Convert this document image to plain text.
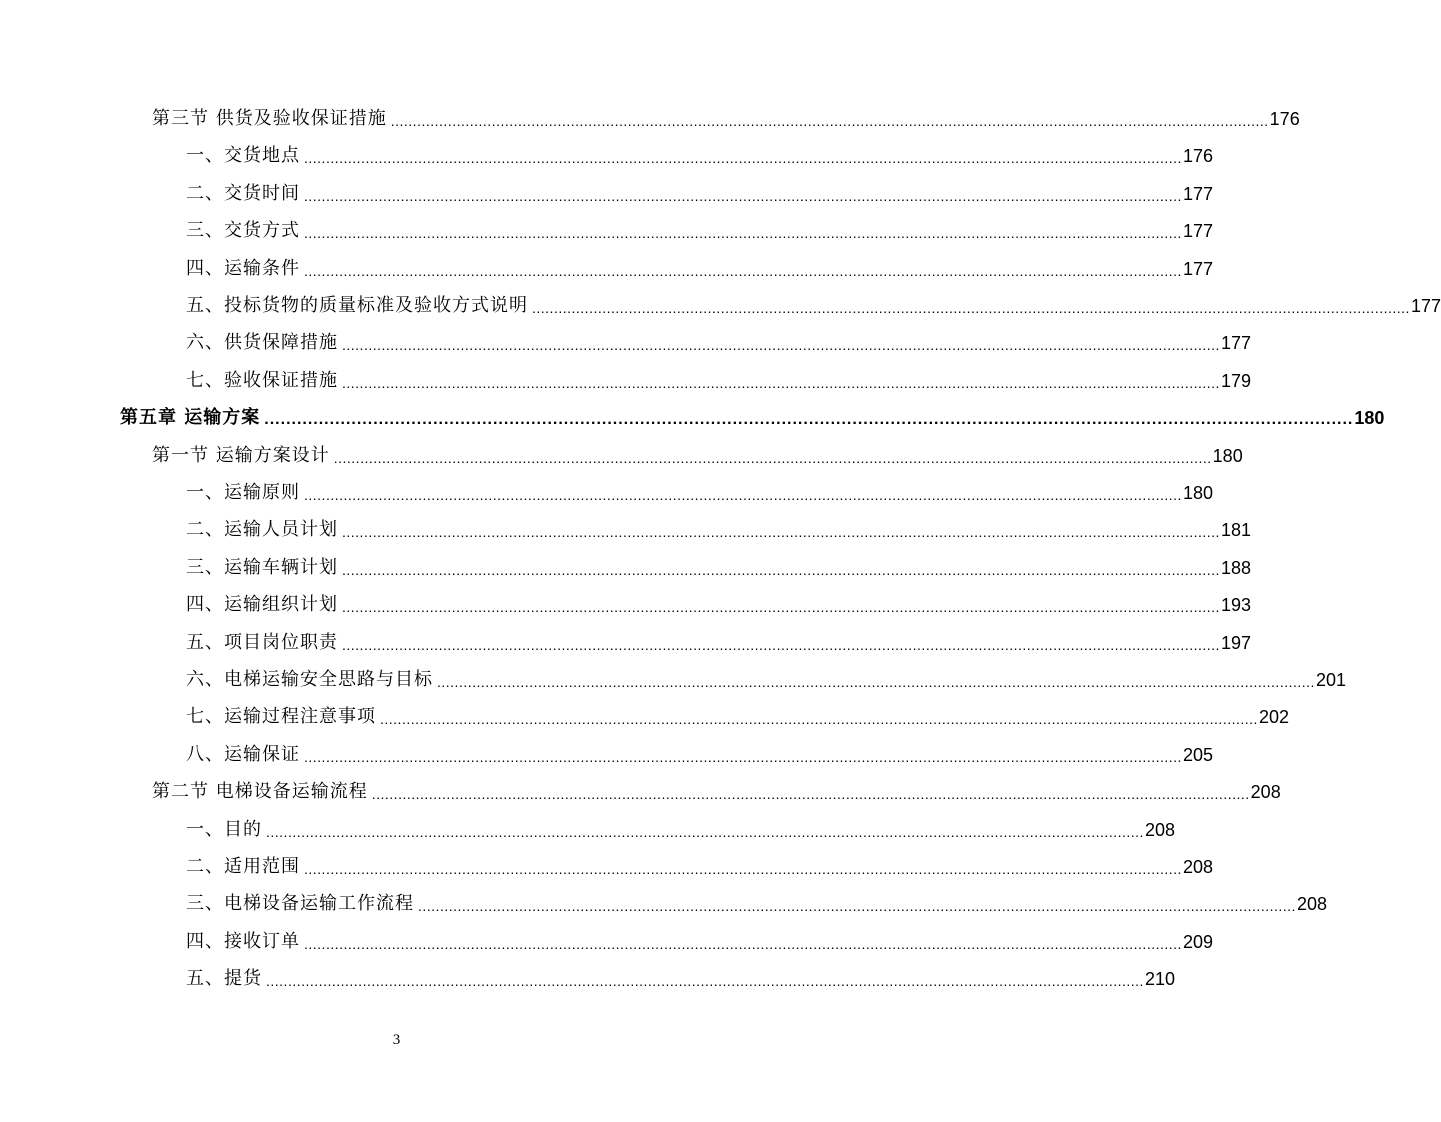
第三节 供货及验收保证措施 ........................................................................................................................................................................................................ 176
一、交货地点 ........................................................................................................................................................................................................ 176
二、交货时间 ........................................................................................................................................................................................................ 177
三、交货方式 ........................................................................................................................................................................................................ 177
四、运输条件 ........................................................................................................................................................................................................ 177
五、投标货物的质量标准及验收方式说明 ........................................................................................................................................................................................................ 177
六、供货保障措施 ........................................................................................................................................................................................................ 177
七、验收保证措施 ........................................................................................................................................................................................................ 179
第五章 运输方案 ........................................................................................................................................................................................................ 180
第一节 运输方案设计 ........................................................................................................................................................................................................ 180
一、运输原则 ........................................................................................................................................................................................................ 180
二、运输人员计划 ........................................................................................................................................................................................................ 181
三、运输车辆计划 ........................................................................................................................................................................................................ 188
四、运输组织计划 ........................................................................................................................................................................................................ 193
五、项目岗位职责 ........................................................................................................................................................................................................ 197
六、电梯运输安全思路与目标 ........................................................................................................................................................................................................ 201
七、运输过程注意事项 ........................................................................................................................................................................................................ 202
八、运输保证 ........................................................................................................................................................................................................ 205
第二节 电梯设备运输流程 ........................................................................................................................................................................................................ 208
一、目的 ........................................................................................................................................................................................................ 208
二、适用范围 ........................................................................................................................................................................................................ 208
三、电梯设备运输工作流程 ........................................................................................................................................................................................................ 208
四、接收订单 ........................................................................................................................................................................................................ 209
五、提货 ........................................................................................................................................................................................................ 210
3
